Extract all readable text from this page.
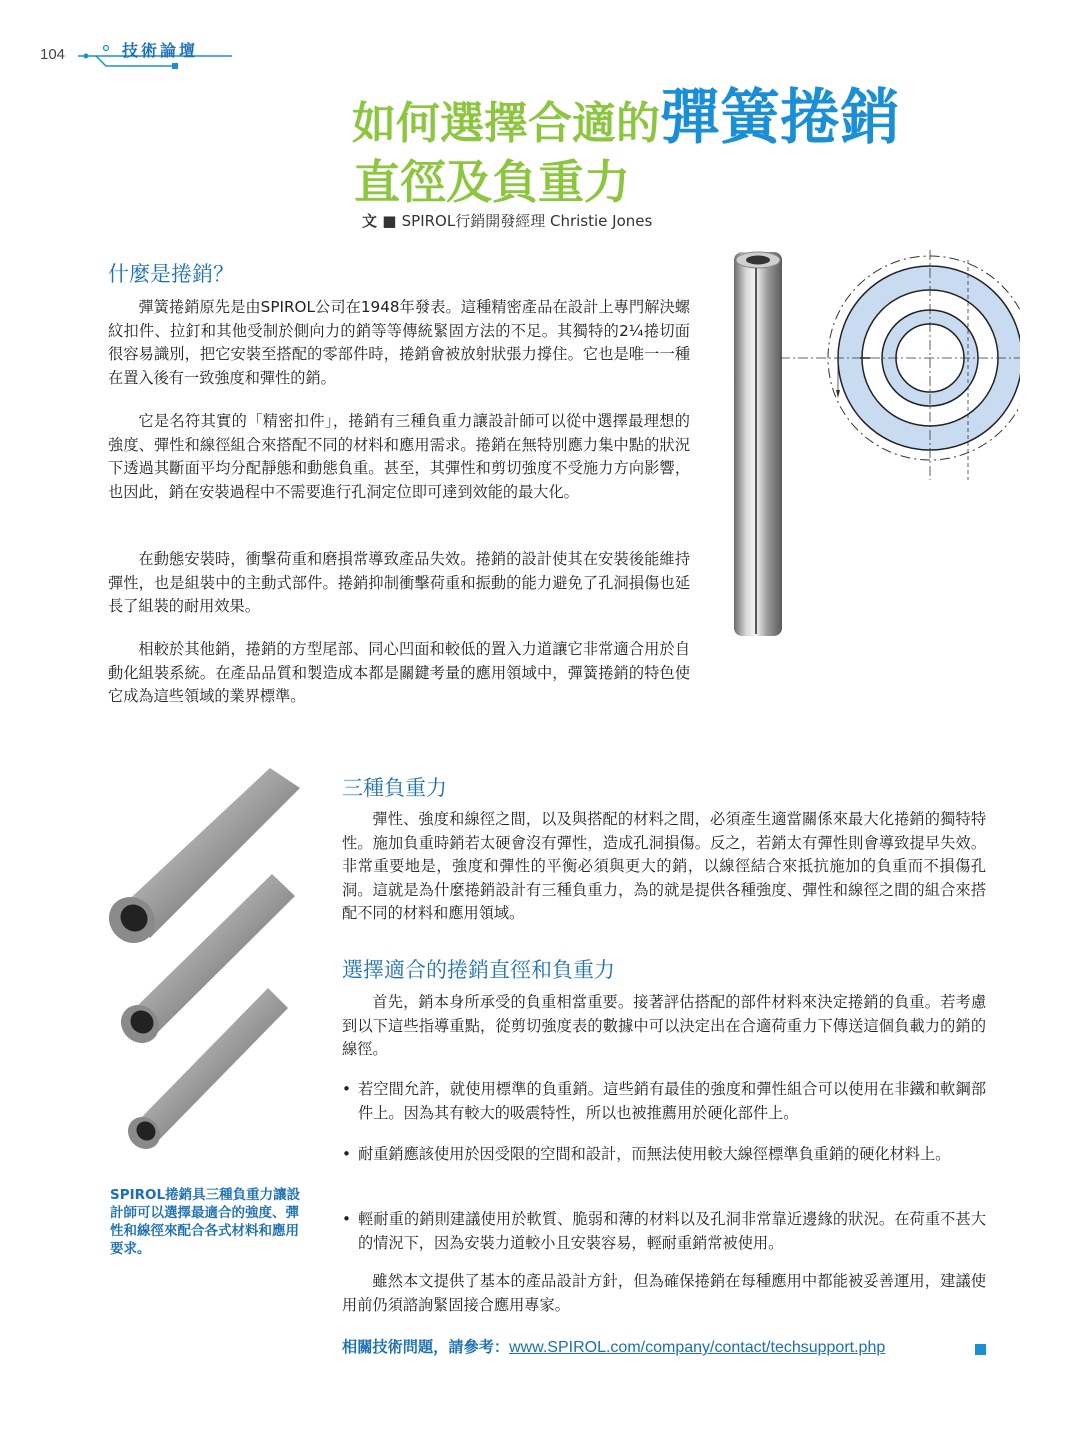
104	技術論壇
如何選擇合適的彈簧捲銷
直徑及負重力
文 ■ SPIROL行銷開發經理 Christie Jones
什麼是捲銷？
彈簧捲銷原先是由SPIROL公司在1948年發表。這種精密產品在設計上專門解決螺紋扣件、拉釘和其他受制於側向力的銷等等傳統緊固方法的不足。其獨特的2¼捲切面很容易識別，把它安裝至搭配的零部件時，捲銷會被放射狀張力撐住。它也是唯一一種在置入後有一致強度和彈性的銷。
它是名符其實的「精密扣件」，捲銷有三種負重力讓設計師可以從中選擇最理想的強度、彈性和線徑組合來搭配不同的材料和應用需求。捲銷在無特別應力集中點的狀況下透過其斷面平均分配靜態和動態負重。甚至，其彈性和剪切強度不受施力方向影響，也因此，銷在安裝過程中不需要進行孔洞定位即可達到效能的最大化。
在動態安裝時，衝擊荷重和磨損常導致產品失效。捲銷的設計使其在安裝後能維持彈性，也是組裝中的主動式部件。捲銷抑制衝擊荷重和振動的能力避免了孔洞損傷也延長了組裝的耐用效果。
相較於其他銷，捲銷的方型尾部、同心凹面和較低的置入力道讓它非常適合用於自動化組裝系統。在產品品質和製造成本都是關鍵考量的應用領域中，彈簧捲銷的特色使它成為這些領域的業界標準。
SPIROL捲銷具三種負重力讓設計師可以選擇最適合的強度、彈性和線徑來配合各式材料和應用要求。
三種負重力
彈性、強度和線徑之間，以及與搭配的材料之間，必須產生適當關係來最大化捲銷的獨特特性。施加負重時銷若太硬會沒有彈性，造成孔洞損傷。反之，若銷太有彈性則會導致提早失效。非常重要地是，強度和彈性的平衡必須與更大的銷，以線徑結合來抵抗施加的負重而不損傷孔洞。這就是為什麼捲銷設計有三種負重力，為的就是提供各種強度、彈性和線徑之間的組合來搭配不同的材料和應用領域。
選擇適合的捲銷直徑和負重力
首先，銷本身所承受的負重相當重要。接著評估搭配的部件材料來決定捲銷的負重。若考慮到以下這些指導重點，從剪切強度表的數據中可以決定出在合適荷重力下傳送這個負載力的銷的線徑。
• 若空間允許，就使用標準的負重銷。這些銷有最佳的強度和彈性組合可以使用在非鐵和軟鋼部件上。因為其有較大的吸震特性，所以也被推薦用於硬化部件上。
• 耐重銷應該使用於因受限的空間和設計，而無法使用較大線徑標準負重銷的硬化材料上。
• 輕耐重的銷則建議使用於軟質、脆弱和薄的材料以及孔洞非常靠近邊緣的狀況。在荷重不甚大的情況下，因為安裝力道較小且安裝容易，輕耐重銷常被使用。
雖然本文提供了基本的產品設計方針，但為確保捲銷在每種應用中都能被妥善運用，建議使用前仍須諮詢緊固接合應用專家。
相關技術問題，請參考：www.SPIROL.com/company/contact/techsupport.php
